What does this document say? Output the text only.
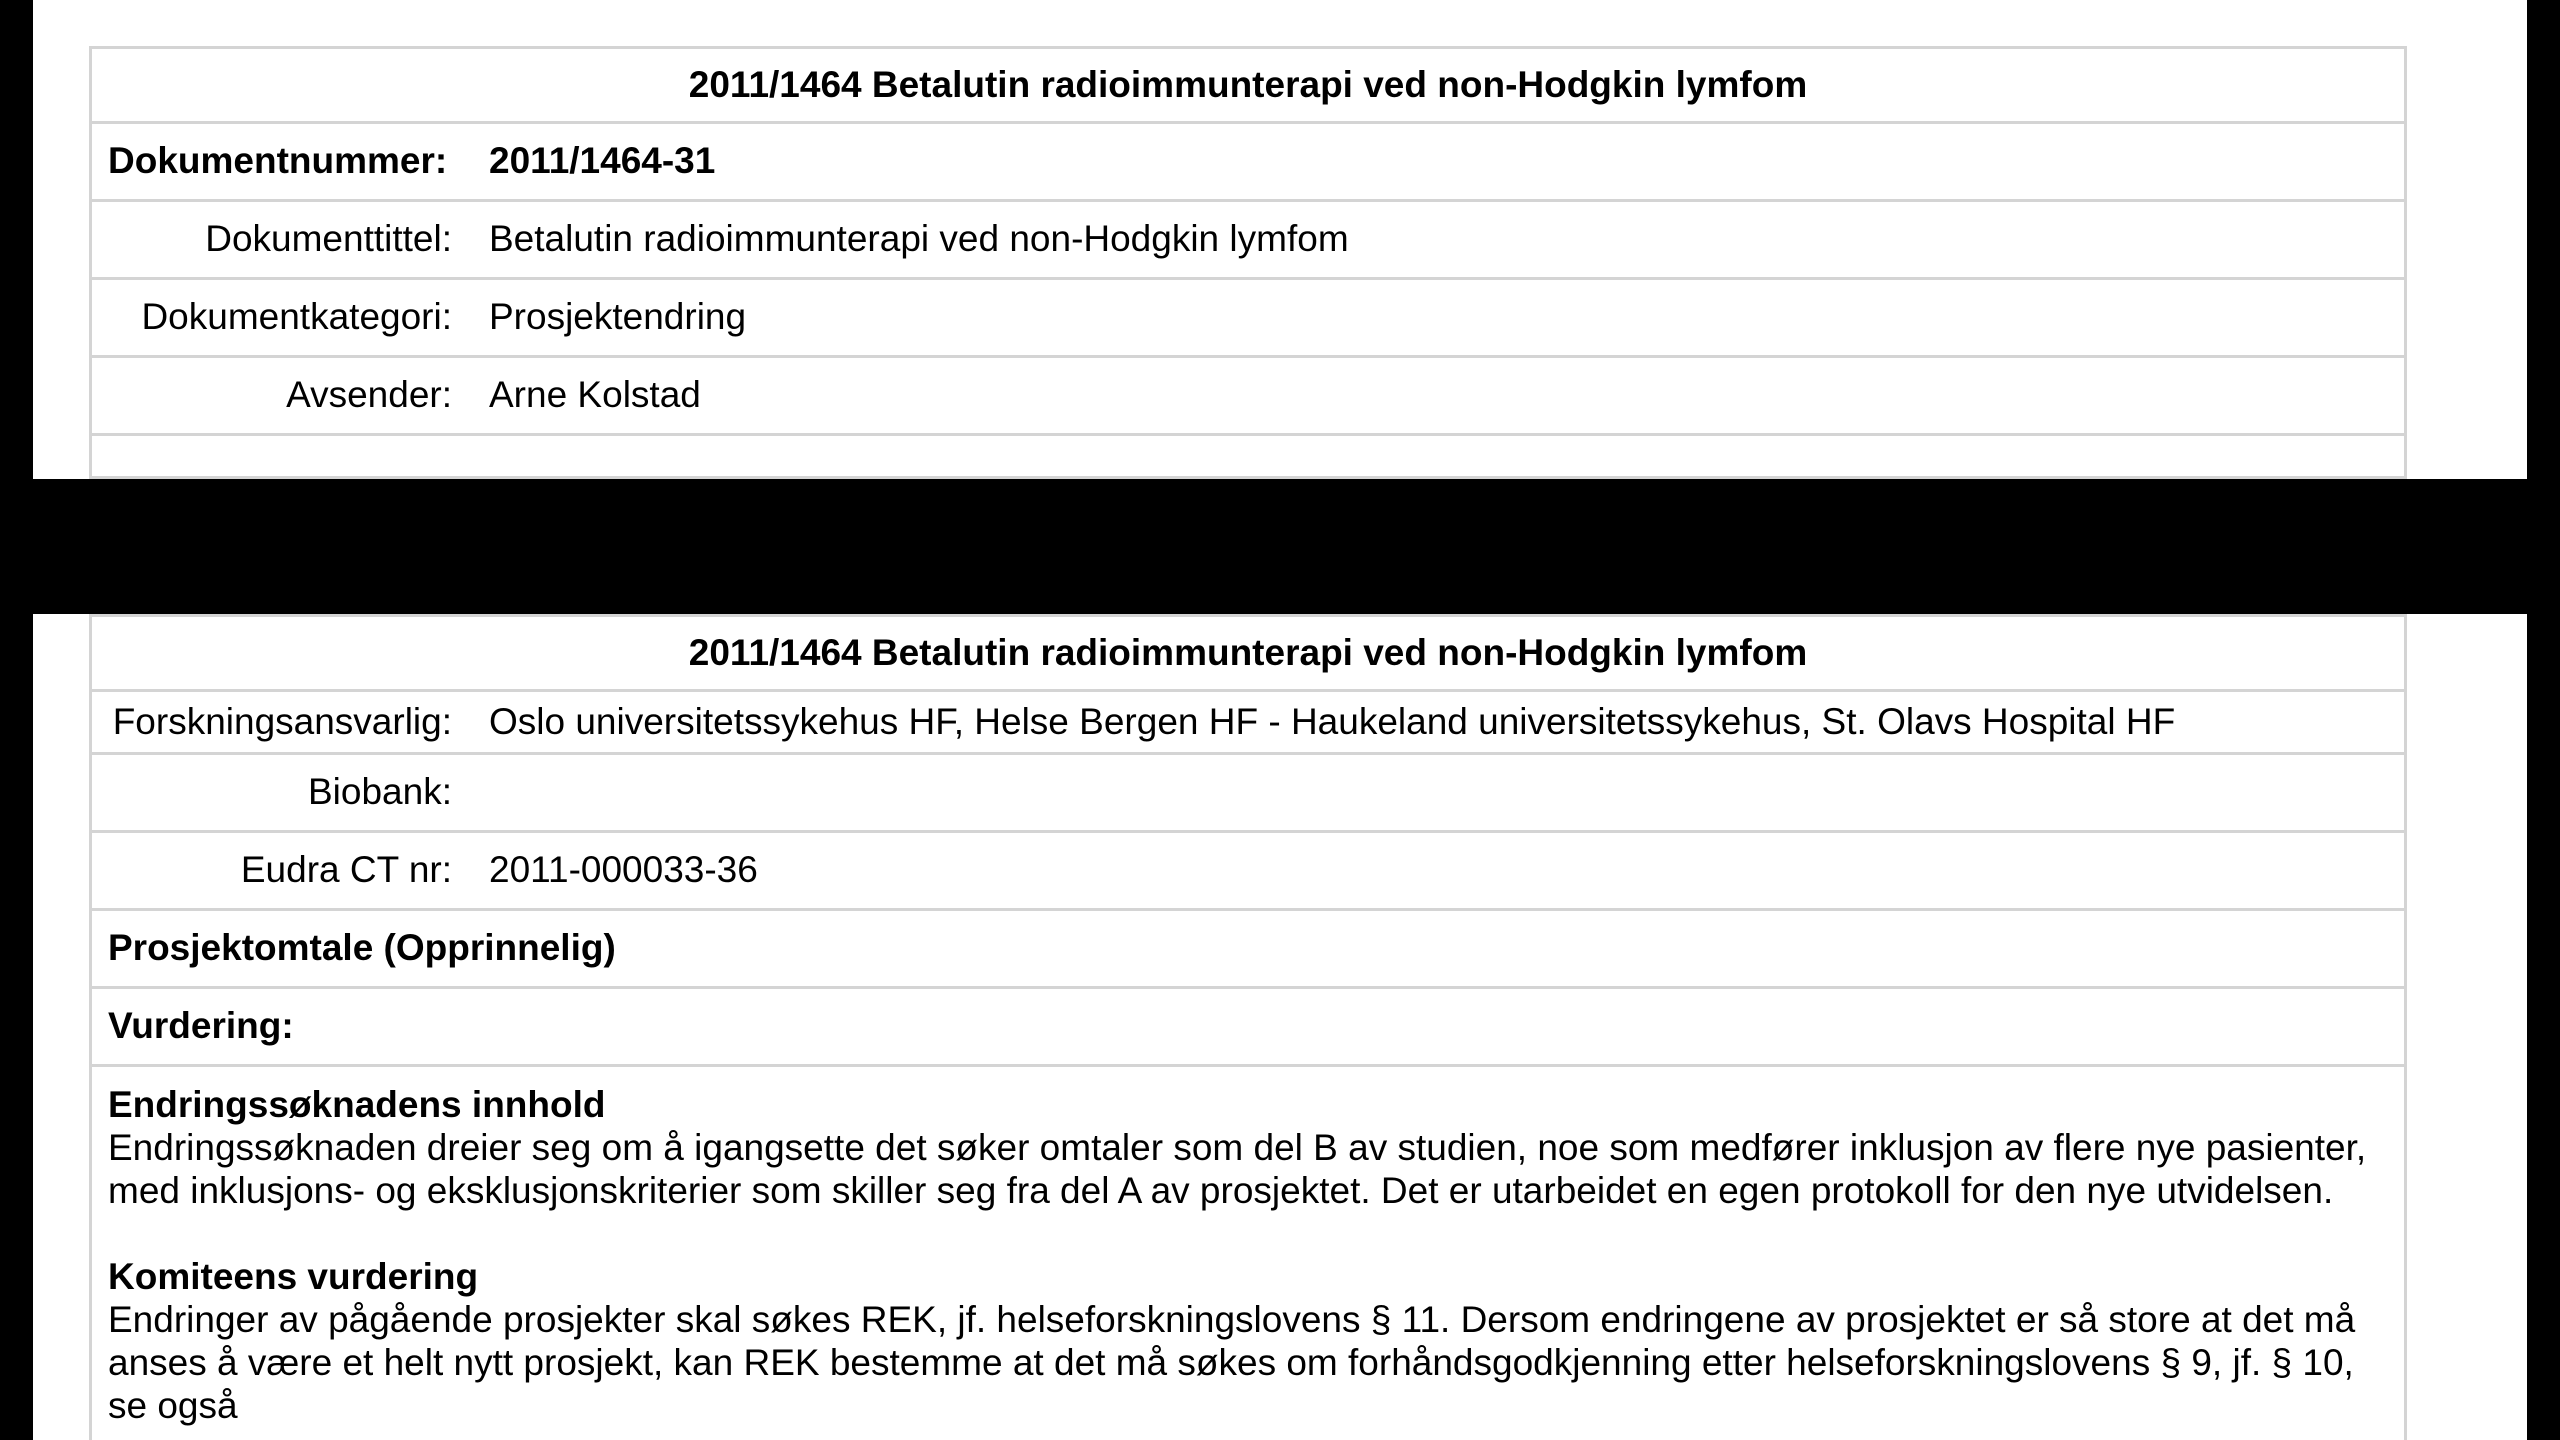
2011/1464 Betalutin radioimmunterapi ved non-Hodgkin lymfom
Dokumentnummer:	2011/1464-31
Dokumenttittel:	Betalutin radioimmunterapi ved non-Hodgkin lymfom
Dokumentkategori:	Prosjektendring
Avsender:	Arne Kolstad
2011/1464 Betalutin radioimmunterapi ved non-Hodgkin lymfom
Forskningsansvarlig:	Oslo universitetssykehus HF, Helse Bergen HF - Haukeland universitetssykehus, St. Olavs Hospital HF
Biobank:
Eudra CT nr:	2011-000033-36
Prosjektomtale (Opprinnelig)
Vurdering:
Endringssøknadens innhold

Endringssøknaden dreier seg om å igangsette det søker omtaler som del B av studien, noe som medfører inklusjon av flere nye pasienter, med inklusjons- og eksklusjonskriterier som skiller seg fra del A av prosjektet. Det er utarbeidet en egen protokoll for den nye utvidelsen.

Komiteens vurdering

Endringer av pågående prosjekter skal søkes REK, jf. helseforskningslovens § 11. Dersom endringene av prosjektet er så store at det må anses å være et helt nytt prosjekt, kan REK bestemme at det må søkes om forhåndsgodkjenning etter helseforskningslovens § 9, jf. § 10, se også
